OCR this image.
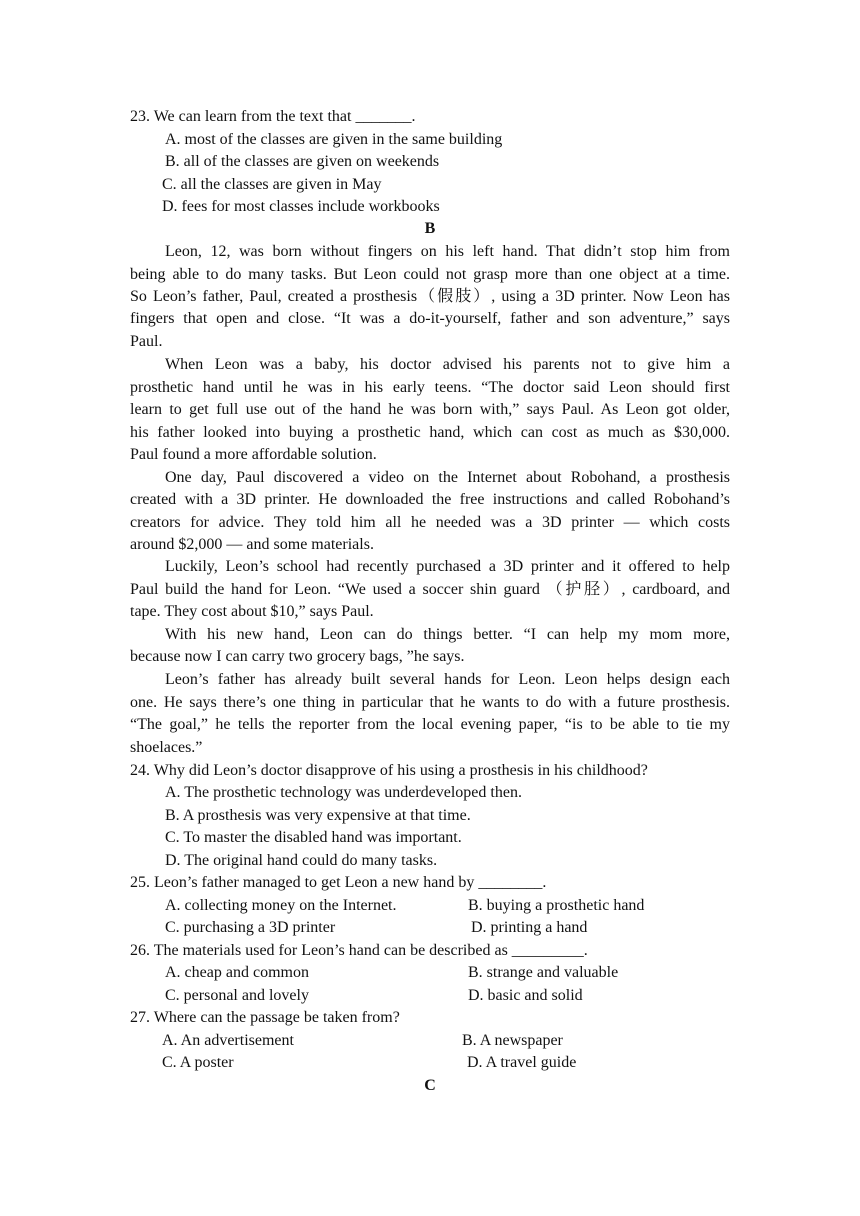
23. We can learn from the text that _______.
A. most of the classes are given in the same building
B. all of the classes are given on weekends
C. all the classes are given in May
D. fees for most classes include workbooks
B
Leon, 12, was born without fingers on his left hand. That didn’t stop him from
being able to do many tasks. But Leon could not grasp more than one object at a time.
So Leon’s father, Paul, created a prosthesis（假肢）, using a 3D printer. Now Leon has
fingers that open and close. “It was a do-it-yourself, father and son adventure,” says
Paul.
When Leon was a baby, his doctor advised his parents not to give him a
prosthetic hand until he was in his early teens. “The doctor said Leon should first
learn to get full use out of the hand he was born with,” says Paul. As Leon got older,
his father looked into buying a prosthetic hand, which can cost as much as $30,000.
Paul found a more affordable solution.
One day, Paul discovered a video on the Internet about Robohand, a prosthesis
created with a 3D printer. He downloaded the free instructions and called Robohand’s
creators for advice. They told him all he needed was a 3D printer — which costs
around $2,000 — and some materials.
Luckily, Leon’s school had recently purchased a 3D printer and it offered to help
Paul build the hand for Leon. “We used a soccer shin guard （护胫）, cardboard, and
tape. They cost about $10,” says Paul.
With his new hand, Leon can do things better. “I can help my mom more,
because now I can carry two grocery bags, ”he says.
Leon’s father has already built several hands for Leon. Leon helps design each
one. He says there’s one thing in particular that he wants to do with a future prosthesis.
“The goal,” he tells the reporter from the local evening paper, “is to be able to tie my
shoelaces.”
24. Why did Leon’s doctor disapprove of his using a prosthesis in his childhood?
A. The prosthetic technology was underdeveloped then.
B. A prosthesis was very expensive at that time.
C. To master the disabled hand was important.
D. The original hand could do many tasks.
25. Leon’s father managed to get Leon a new hand by ________.
A. collecting money on the Internet.	B. buying a prosthetic hand
C. purchasing a 3D printer	D. printing a hand
26. The materials used for Leon’s hand can be described as _________.
A. cheap and common	B. strange and valuable
C. personal and lovely	D. basic and solid
27. Where can the passage be taken from?
A. An advertisement	B. A newspaper
C. A poster	D. A travel guide
C
